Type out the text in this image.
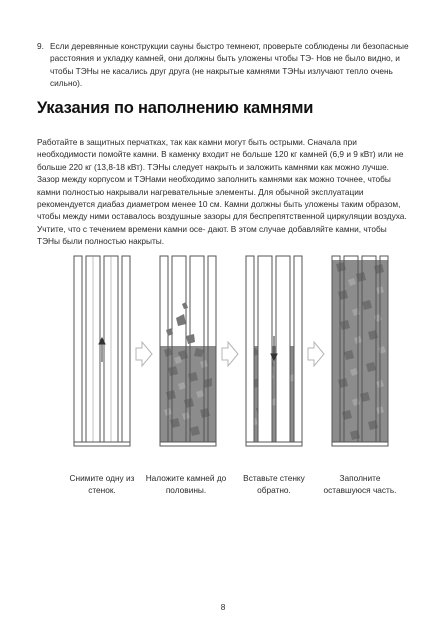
9. Если деревянные конструкции сауны быстро темнеют, проверьте соблюдены ли безопасные расстояния и укладку камней, они должны быть уложены чтобы ТЭ- Нов не было видно, и чтобы ТЭНы не касались друг друга (не накрытые камнями ТЭНы излучают тепло очень сильно).
Указания по наполнению камнями
Работайте в защитных перчатках, так как камни могут быть острыми. Сначала при необходимости помойте камни. В каменку входит не больше 120 кг камней (6,9 и 9 кВт) или не больше 220 кг (13,8-18 кВт). ТЭНы следует накрыть и заложить камнями как можно лучше. Зазор между корпусом и ТЭНами необходимо заполнить камнями как можно точнее, чтобы камни полностью накрывали нагревательные элементы. Для обычной эксплуатации рекомендуется диабаз диаметром менее 10 см. Камни должны быть уложены таким образом, чтобы между ними оставалось воздушные зазоры для беспрепятственной циркуляции воздуха. Учтите, что с течением времени камни осе- дают. В этом случае добавляйте камни, чтобы ТЭНы были полностью накрыты.
Снимите одну из стенок.
Наложите камней до половины.
Вставьте стенку обратно.
Заполните оставшуюся часть.
8
